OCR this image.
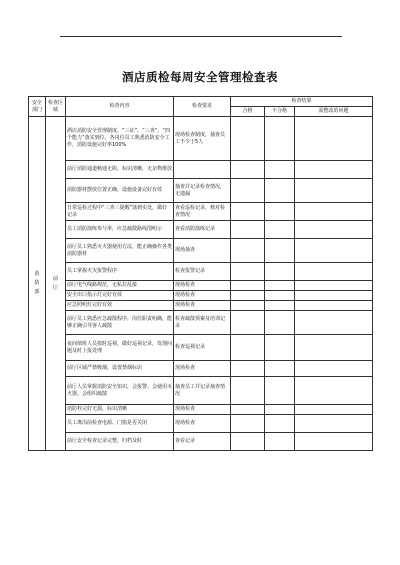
酒店质检每周安全管理检查表
安全部门	检查区域	检查内容	检查要求	检查结果		
				合格	不合格	需整改的问题

消
防
部	前
厅	酒店消防安全管理制度、“三证”、“三查”、“四个能力”落实到位，各岗位员工熟悉消防安全工作，消防设施完好率100%	现场检查制度，抽查员工不少于5人			
		前厅消防通道畅通无阻，标识清晰，无杂物堆放				
		消防器材摆放位置正确，设施设备完好有效	抽查并记录检查情况，无遗漏			
		日常巡检过程中“三查三提醒”落到实处，做好记录	查看巡检记录，核对检查情况			
		员工消防演练参与率，应急疏散路线图明示	查看消防演练记录			
		前厅员工熟悉灭火器使用方法，能正确操作各类消防器材	现场抽查			
		员工掌握火灾报警程序	检查报警记录			
		前厅电气线路规范，无私拉乱接	现场检查			
		安全出口指示灯完好有效	现场检查			
		应急照明灯完好有效	现场检查			
		前厅员工熟悉应急疏散程序，岗位职责明确，能够正确引导客人疏散	检查疏散预案及培训记录			
		夜间值班人员按时巡视，做好巡视记录，发现问题及时上报处理	检查巡视记录			
		前厅区域严禁吸烟，设置禁烟标识	现场检查			
		前厅人员掌握消防安全知识，会报警、会使用灭火器、会组织疏散	抽查员工并记录抽查情况			
		消防栓完好无损，标识清晰	现场检查			
		员工离岗前检查电源、门窗是否关闭	现场检查			
		前厅安全检查记录完整，归档及时	查看记录			
